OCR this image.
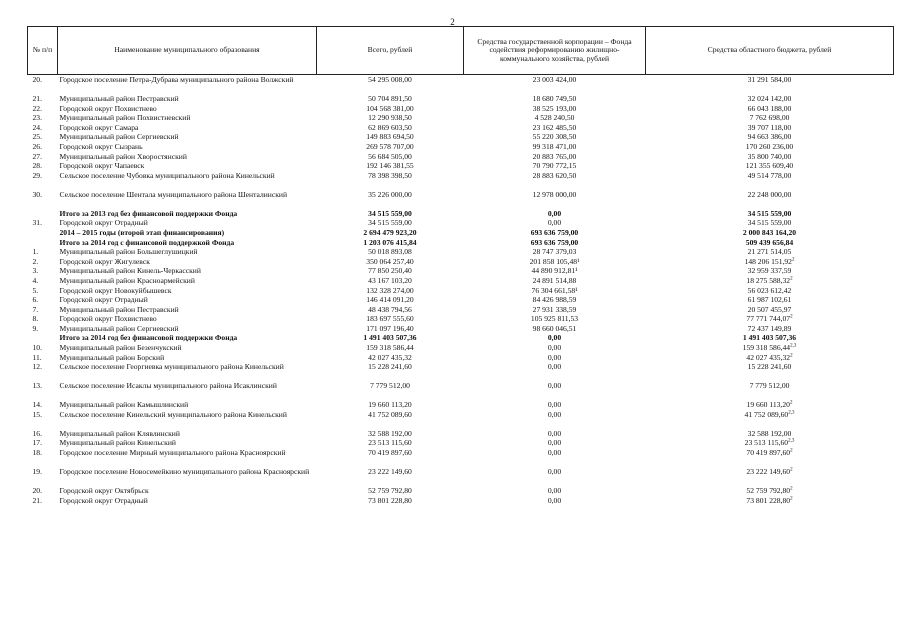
2
№ п/п	Наименование муниципального образования	Всего, рублей	Средства государственной корпорации – Фонда содействия реформированию жилищно-коммунального хозяйства, рублей	Средства областного бюджета, рублей
20.	Городское поселение Петра-Дубрава муниципального района Волжский	54 295 008,00	23 003 424,00	31 291 584,00
21.	Муниципальный район Пестравский	50 704 891,50	18 680 749,50	32 024 142,00
22.	Городской округ Похвистнево	104 568 381,00	38 525 193,00	66 043 188,00
23.	Муниципальный район Похвистневский	12 290 938,50	4 528 240,50	7 762 698,00
24.	Городской округ Самара	62 869 603,50	23 162 485,50	39 707 118,00
25.	Муниципальный район Сергиевский	149 883 694,50	55 220 308,50	94 663 386,00
26.	Городской округ Сызрань	269 578 707,00	99 318 471,00	170 260 236,00
27.	Муниципальный район Хворостянский	56 684 505,00	20 883 765,00	35 800 740,00
28.	Городской округ Чапаевск	192 146 381,55	70 790 772,15	121 355 609,40
29.	Сельское поселение Чубовка муниципального района Кинельский	78 398 398,50	28 883 620,50	49 514 778,00
30.	Сельское поселение Шентала муниципального района Шенталинский	35 226 000,00	12 978 000,00	22 248 000,00
	Итого за 2013 год без финансовой поддержки Фонда	34 515 559,00	0,00	34 515 559,00
31.	Городской округ Отрадный	34 515 559,00	0,00	34 515 559,00
	2014 – 2015 годы (второй этап финансирования)	2 694 479 923,20	693 636 759,00	2 000 843 164,20
	Итого за 2014 год с финансовой поддержкой Фонда	1 203 076 415,84	693 636 759,00	509 439 656,84
1.	Муниципальный район Большеглушицкий	50 018 893,08	28 747 379,03	21 271 514,05
2.	Городской округ Жигулевск	350 064 257,40	201 858 105,48¹	148 206 151,92$^2$
3.	Муниципальный район Кинель-Черкасский	77 850 250,40	44 890 912,81¹	32 959 337,59
4.	Муниципальный район Красноармейский	43 167 103,20	24 891 514,88	18 275 588,32$^2$
5.	Городской округ Новокуйбышевск	132 328 274,00	76 304 661,58¹	56 023 612,42
6.	Городской округ Отрадный	146 414 091,20	84 426 988,59	61 987 102,61
7.	Муниципальный район Пестравский	48 438 794,56	27 931 338,59	20 507 455,97
8.	Городской округ Похвистнево	183 697 555,60	105 925 811,53	77 771 744,07$^2$
9.	Муниципальный район Сергиевский	171 097 196,40	98 660 046,51	72 437 149,89
	Итого за 2014 год без финансовой поддержки Фонда	1 491 403 507,36	0,00	1 491 403 507,36
10.	Муниципальный район Безенчукский	159 318 586,44	0,00	159 318 586,44$^{2,3}$
11.	Муниципальный район Борский	42 027 435,32	0,00	42 027 435,32$^2$
12.	Сельское поселение Георгиевка муниципального района Кинельский	15 228 241,60	0,00	15 228 241,60
13.	Сельское поселение Исаклы муниципального района Исаклинский	7 779 512,00	0,00	7 779 512,00
14.	Муниципальный район Камышлинский	19 660 113,20	0,00	19 660 113,20$^2$
15.	Сельское поселение Кинельский муниципального района Кинельский	41 752 089,60	0,00	41 752 089,60$^{2,3}$
16.	Муниципальный район Клявлинский	32 588 192,00	0,00	32 588 192,00
17.	Муниципальный район Кинельский	23 513 115,60	0,00	23 513 115,60$^{2,3}$
18.	Городское поселение Мирный муниципального района Красноярский	70 419 897,60	0,00	70 419 897,60$^2$
19.	Городское поселение Новосемейкино муниципального района Красноярский	23 222 149,60	0,00	23 222 149,60$^2$
20.	Городской округ Октябрьск	52 759 792,80	0,00	52 759 792,80$^2$
21.	Городской округ Отрадный	73 801 228,80	0,00	73 801 228,80$^2$
